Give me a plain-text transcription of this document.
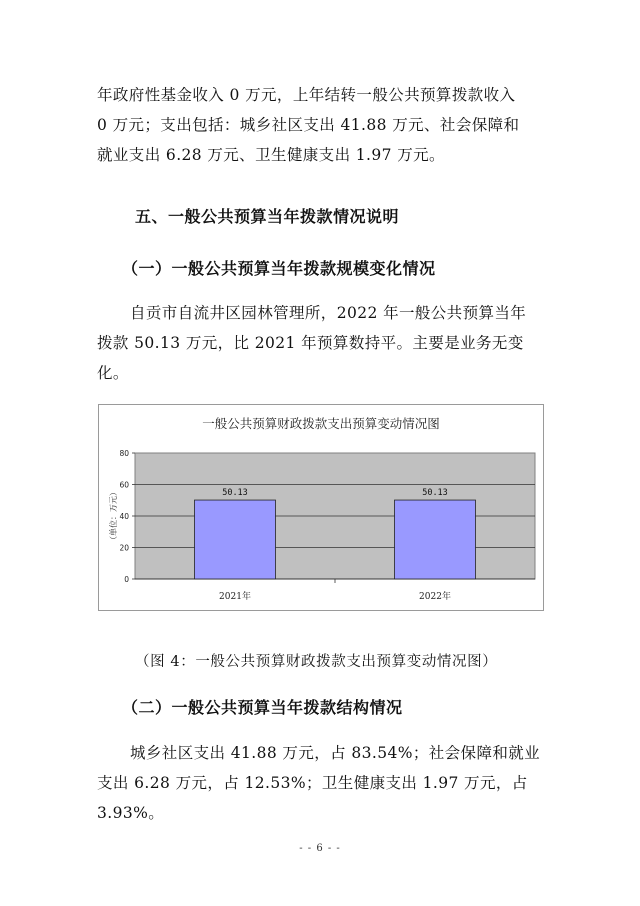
年政府性基金收入 0 万元，上年结转一般公共预算拨款收入
0 万元；支出包括：城乡社区支出 41.88 万元、社会保障和
就业支出 6.28 万元、卫生健康支出 1.97 万元。
五、一般公共预算当年拨款情况说明
（一）一般公共预算当年拨款规模变化情况
自贡市自流井区园林管理所，2022 年一般公共预算当年
拨款 50.13 万元，比 2021 年预算数持平。主要是业务无变
化。
一般公共预算财政拨款支出预算变动情况图
0
20
40
60
80
50.13
2021年
50.13
2022年
（单位：万元）
（图 4：一般公共预算财政拨款支出预算变动情况图）
（二）一般公共预算当年拨款结构情况
城乡社区支出 41.88 万元，占 83.54%；社会保障和就业
支出 6.28 万元，占 12.53%；卫生健康支出 1.97 万元，占
3.93%。
- - 6 - -
